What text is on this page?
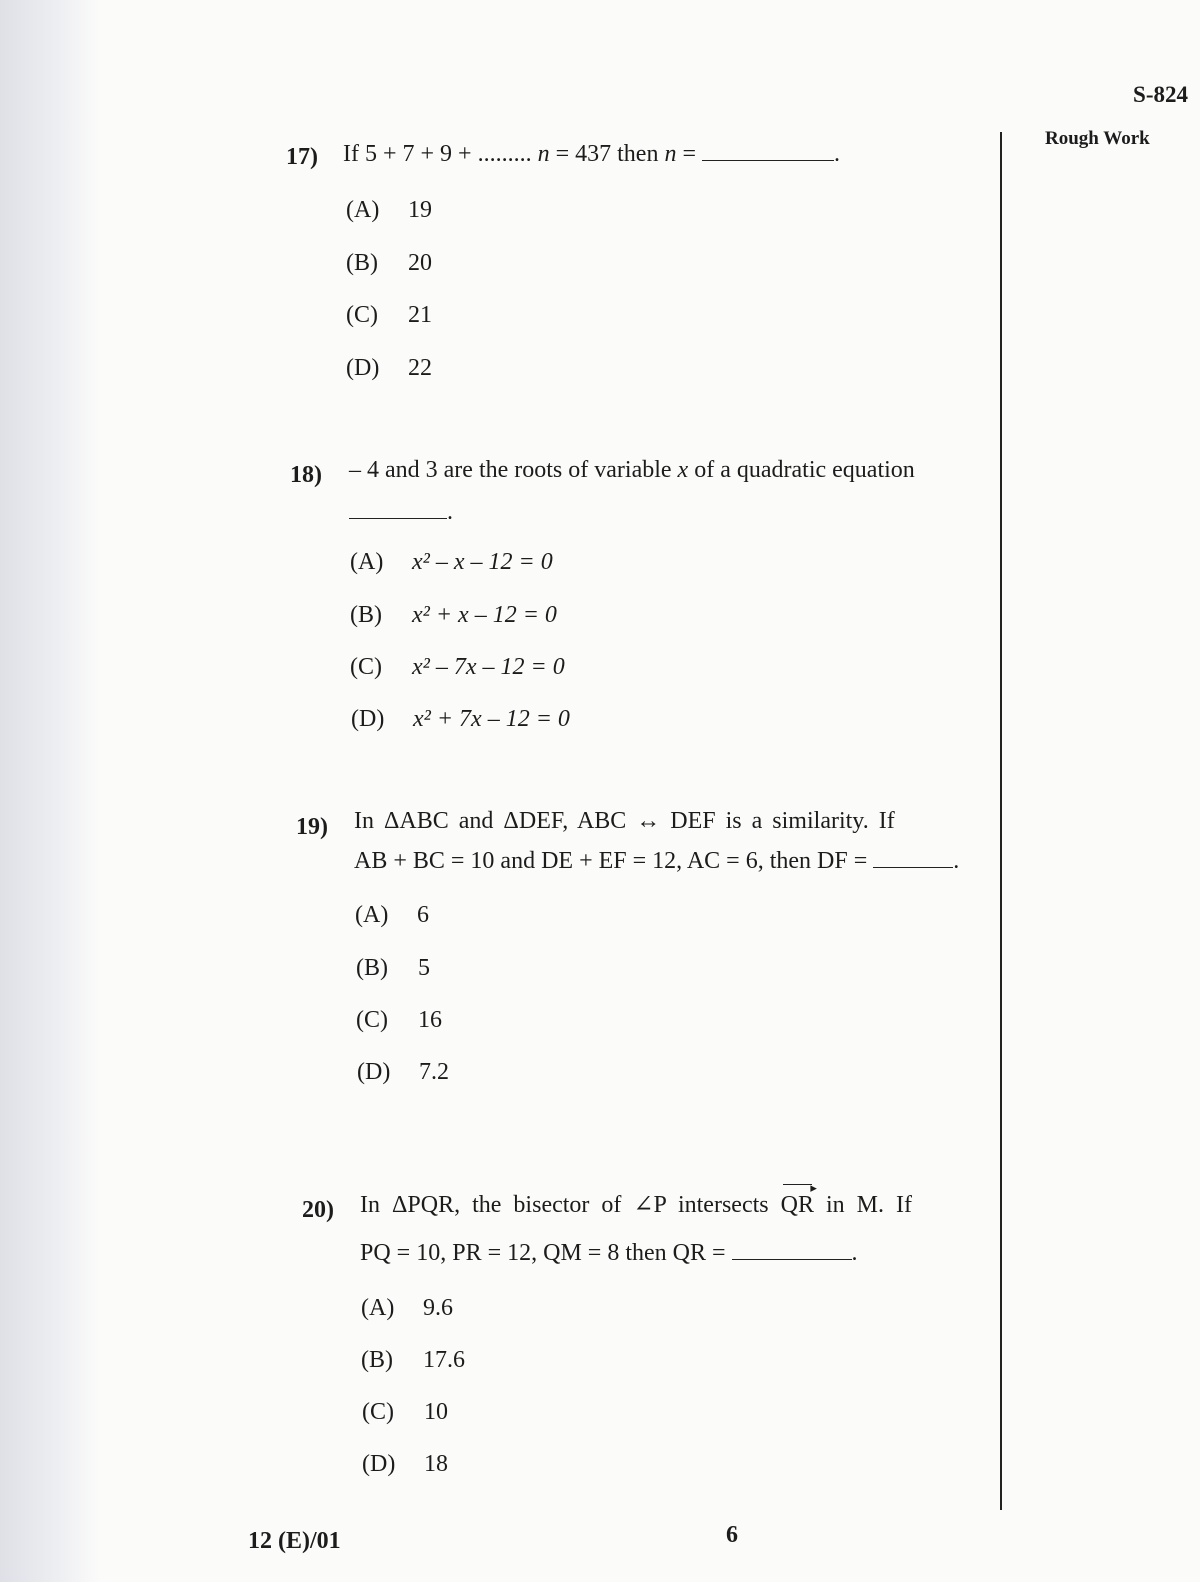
S-824
Rough Work
17) If 5 + 7 + 9 + ......... n = 437 then n =	.
(A) 19
(B) 20
(C) 21
(D) 22
18) – 4 and 3 are the roots of variable x of a quadratic equation
.
(A) x² – x – 12 = 0
(B) x² + x – 12 = 0
(C) x² – 7x – 12 = 0
(D) x² + 7x – 12 = 0
19) In ΔABC and ΔDEF, ABC ↔ DEF is a similarity. If
AB + BC = 10 and DE + EF = 12, AC = 6, then DF =	.
(A) 6
(B) 5
(C) 16
(D) 7.2
20) In ΔPQR, the bisector of ∠P intersects QR ▸ in M. If
PQ = 10, PR = 12, QM = 8 then QR =	.
(A) 9.6
(B) 17.6
(C) 10
(D) 18
12 (E)/01	6
